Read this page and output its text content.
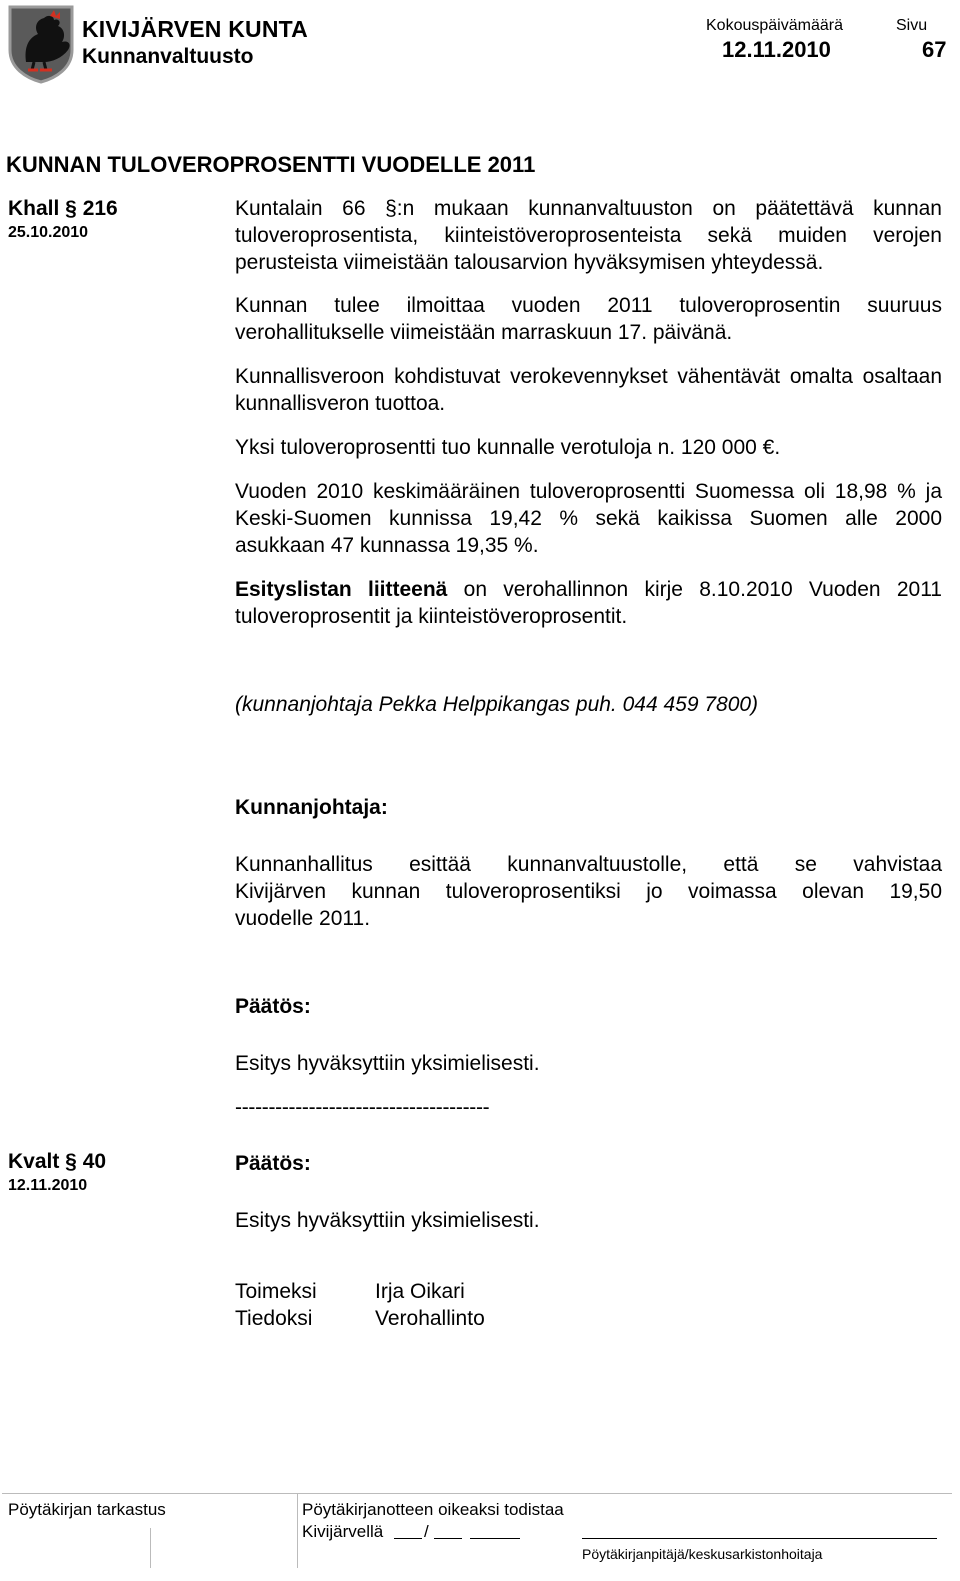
KIVIJÄRVEN KUNTA
Kunnanvaltuusto
Kokouspäivämäärä	Sivu
12.11.2010	67
KUNNAN TULOVEROPROSENTTI VUODELLE 2011
Khall § 216
25.10.2010

Kuntalain 66 §:n mukaan kunnanvaltuuston on päätettävä kunnan tuloveroprosentista, kiinteistöveroprosenteista sekä muiden verojen perusteista viimeistään talousarvion hyväksymisen yhteydessä.

Kunnan tulee ilmoittaa vuoden 2011 tuloveroprosentin suuruus verohallitukselle viimeistään marraskuun 17. päivänä.

Kunnallisveroon kohdistuvat verokevennykset vähentävät omalta osaltaan kunnallisveron tuottoa.

Yksi tuloveroprosentti tuo kunnalle verotuloja n. 120 000 €.

Vuoden 2010 keskimääräinen tuloveroprosentti Suomessa oli 18,98 % ja Keski-Suomen kunnissa 19,42 % sekä kaikissa Suomen alle 2000 asukkaan 47 kunnassa 19,35 %.

Esityslistan liitteenä on verohallinnon kirje 8.10.2010 Vuoden 2011 tuloveroprosentit ja kiinteistöveroprosentit.

(kunnanjohtaja Pekka Helppikangas puh. 044 459 7800)
Kunnanjohtaja:
Kunnanhallitus esittää kunnanvaltuustolle, että se vahvistaa
Kivijärven kunnan tuloveroprosentiksi jo voimassa olevan 19,50
vuodelle 2011.
Päätös:
Esitys hyväksyttiin yksimielisesti.
--------------------------------------
Kvalt § 40
12.11.2010
Päätös:
Esitys hyväksyttiin yksimielisesti.
Toimeksi	Irja Oikari
Tiedoksi	Verohallinto
Pöytäkirjan tarkastus	Pöytäkirjanotteen oikeaksi todistaa
Kivijärvellä /
Pöytäkirjanpitäjä/keskusarkistonhoitaja
